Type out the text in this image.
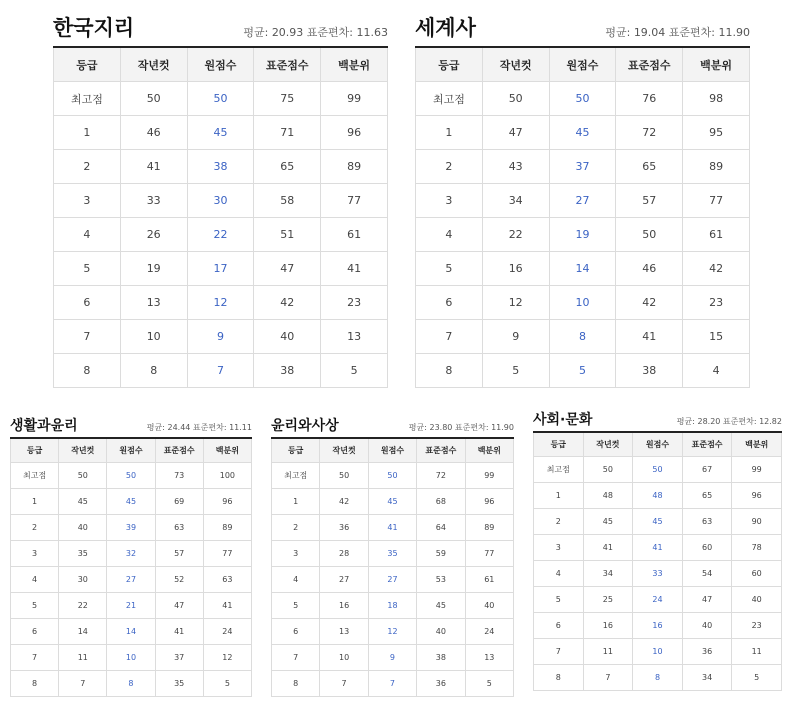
한국지리	평균: 20.93 표준편차: 11.63
등급	작년컷	원점수	표준점수	백분위
최고점	50	50	75	99
1	46	45	71	96
2	41	38	65	89
3	33	30	58	77
4	26	22	51	61
5	19	17	47	41
6	13	12	42	23
7	10	9	40	13
8	8	7	38	5
세계사	평균: 19.04 표준편차: 11.90
등급	작년컷	원점수	표준점수	백분위
최고점	50	50	76	98
1	47	45	72	95
2	43	37	65	89
3	34	27	57	77
4	22	19	50	61
5	16	14	46	42
6	12	10	42	23
7	9	8	41	15
8	5	5	38	4
생활과윤리	평균: 24.44 표준편차: 11.11
등급	작년컷	원점수	표준점수	백분위
최고점	50	50	73	100
1	45	45	69	96
2	40	39	63	89
3	35	32	57	77
4	30	27	52	63
5	22	21	47	41
6	14	14	41	24
7	11	10	37	12
8	7	8	35	5
윤리와사상	평균: 23.80 표준편차: 11.90
등급	작년컷	원점수	표준점수	백분위
최고점	50	50	72	99
1	42	45	68	96
2	36	41	64	89
3	28	35	59	77
4	27	27	53	61
5	16	18	45	40
6	13	12	40	24
7	10	9	38	13
8	7	7	36	5
사회·문화	평균: 28.20 표준편차: 12.82
등급	작년컷	원점수	표준점수	백분위
최고점	50	50	67	99
1	48	48	65	96
2	45	45	63	90
3	41	41	60	78
4	34	33	54	60
5	25	24	47	40
6	16	16	40	23
7	11	10	36	11
8	7	8	34	5
